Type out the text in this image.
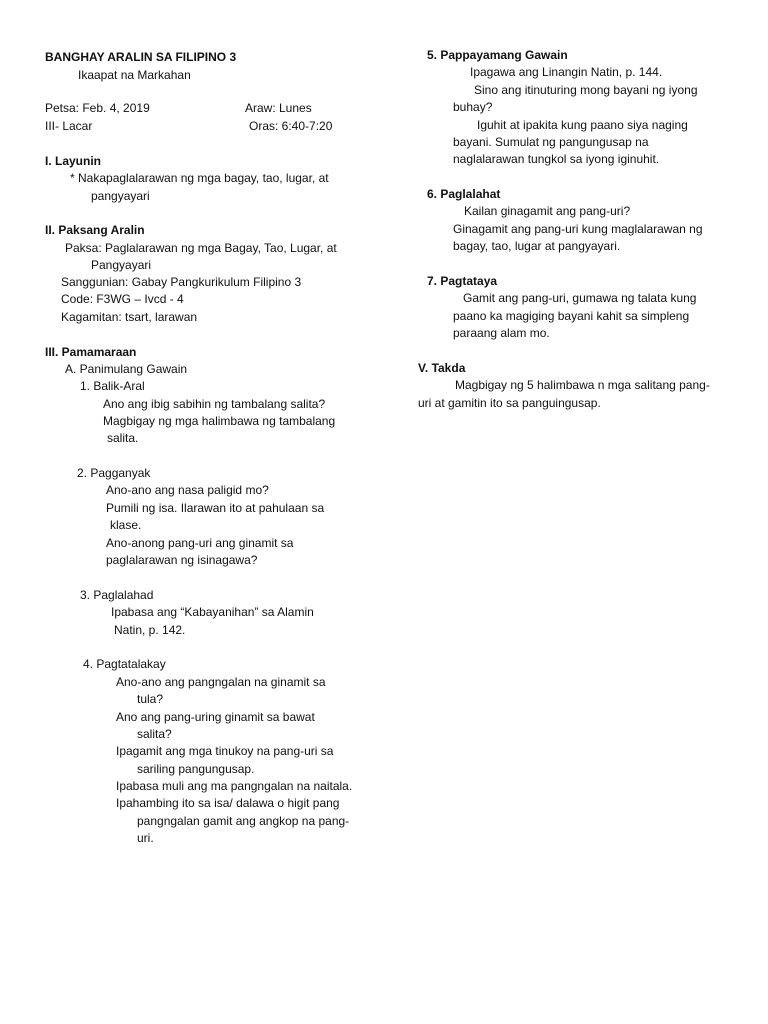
BANGHAY ARALIN SA FILIPINO 3
Ikaapat na Markahan
Petsa: Feb. 4, 2019	Araw: Lunes
III- Lacar	Oras: 6:40-7:20
I. Layunin
* Nakapaglalarawan ng mga bagay, tao, lugar, at
pangyayari
II. Paksang Aralin
Paksa: Paglalarawan ng mga Bagay, Tao, Lugar, at
Pangyayari
Sanggunian: Gabay Pangkurikulum Filipino 3
Code: F3WG – Ivcd - 4
Kagamitan: tsart, larawan
III. Pamamaraan
A. Panimulang Gawain
1. Balik-Aral
Ano ang ibig sabihin ng tambalang salita?
Magbigay ng mga halimbawa ng tambalang
salita.
2. Pagganyak
Ano-ano ang nasa paligid mo?
Pumili ng isa. Ilarawan ito at pahulaan sa
klase.
Ano-anong pang-uri ang ginamit sa
paglalarawan ng isinagawa?
3. Paglalahad
Ipabasa ang “Kabayanihan” sa Alamin
Natin, p. 142.
4. Pagtatalakay
Ano-ano ang pangngalan na ginamit sa
tula?
Ano ang pang-uring ginamit sa bawat
salita?
Ipagamit ang mga tinukoy na pang-uri sa
sariling pangungusap.
Ipabasa muli ang ma pangngalan na naitala.
Ipahambing ito sa isa/ dalawa o higit pang
pangngalan gamit ang angkop na pang-
uri.
5. Pappayamang Gawain
Ipagawa ang Linangin Natin, p. 144.
Sino ang itinuturing mong bayani ng iyong
buhay?
Iguhit at ipakita kung paano siya naging
bayani. Sumulat ng pangungusap na
naglalarawan tungkol sa iyong iginuhit.
6. Paglalahat
Kailan ginagamit ang pang-uri?
Ginagamit ang pang-uri kung maglalarawan ng
bagay, tao, lugar at pangyayari.
7. Pagtataya
Gamit ang pang-uri, gumawa ng talata kung
paano ka magiging bayani kahit sa simpleng
paraang alam mo.
V. Takda
Magbigay ng 5 halimbawa n mga salitang pang-
uri at gamitin ito sa panguingusap.
